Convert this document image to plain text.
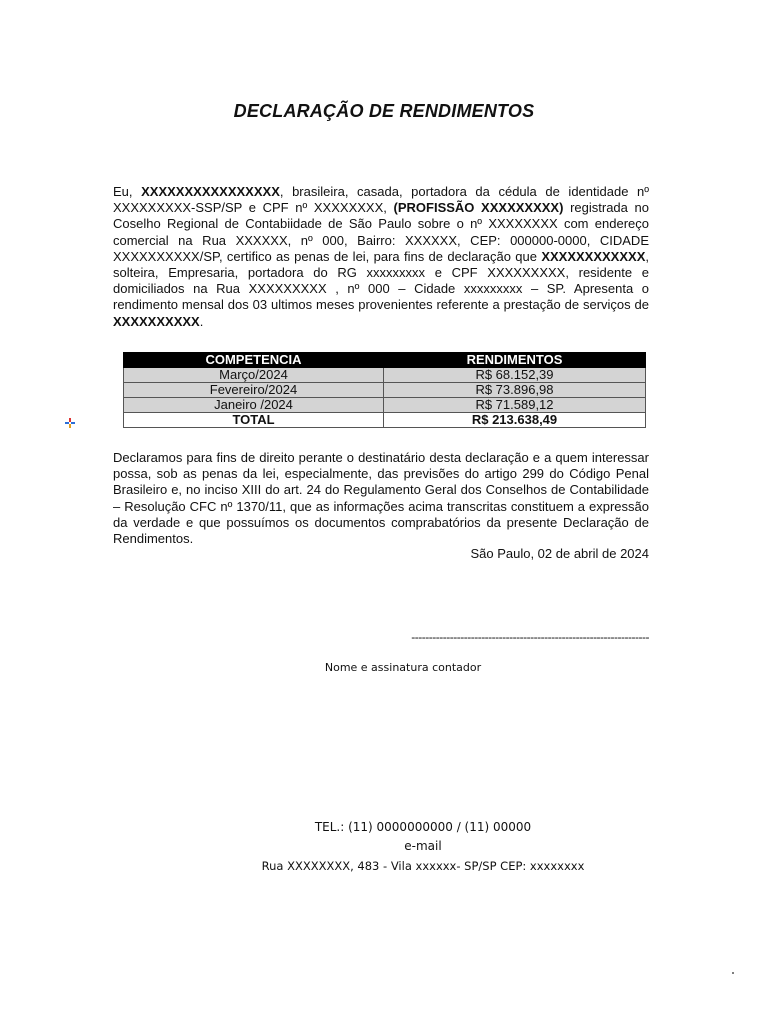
DECLARAÇÃO DE RENDIMENTOS

Eu, XXXXXXXXXXXXXXXX, brasileira, casada, portadora da cédula de identidade nº XXXXXXXXX-SSP/SP e CPF nº XXXXXXXX, (PROFISSÃO XXXXXXXXX) registrada no Coselho Regional de Contabiidade de São Paulo sobre o nº XXXXXXXX com endereço comercial na Rua XXXXXX, nº 000, Bairro: XXXXXX, CEP: 000000-0000, CIDADE XXXXXXXXXX/SP, certifico as penas de lei, para fins de declaração que XXXXXXXXXXXX, solteira, Empresaria, portadora do RG xxxxxxxxx e CPF XXXXXXXXX, residente e domiciliados na Rua XXXXXXXXX , nº 000 – Cidade xxxxxxxxx – SP. Apresenta o rendimento mensal dos 03 ultimos meses provenientes referente a prestação de serviços de XXXXXXXXXX.

COMPETENCIA	RENDIMENTOS
Março/2024	R$ 68.152,39
Fevereiro/2024	R$ 73.896,98
Janeiro /2024	R$ 71.589,12
TOTAL	R$ 213.638,49

Declaramos para fins de direito perante o destinatário desta declaração e a quem interessar possa, sob as penas da lei, especialmente, das previsões do artigo 299 do Código Penal Brasileiro e, no inciso XIII do art. 24 do Regulamento Geral dos Conselhos de Contabilidade – Resolução CFC nº 1370/11, que as informações acima transcritas constituem a expressão da verdade e que possuímos os documentos comprabatórios da presente Declaração de Rendimentos.

São Paulo, 02 de abril de 2024
--------------------------------------------------------------------
Nome e assinatura contador
TEL.: (11) 0000000000 / (11) 00000
e-mail
Rua XXXXXXXX, 483 - Vila xxxxxx- SP/SP CEP: xxxxxxxx
